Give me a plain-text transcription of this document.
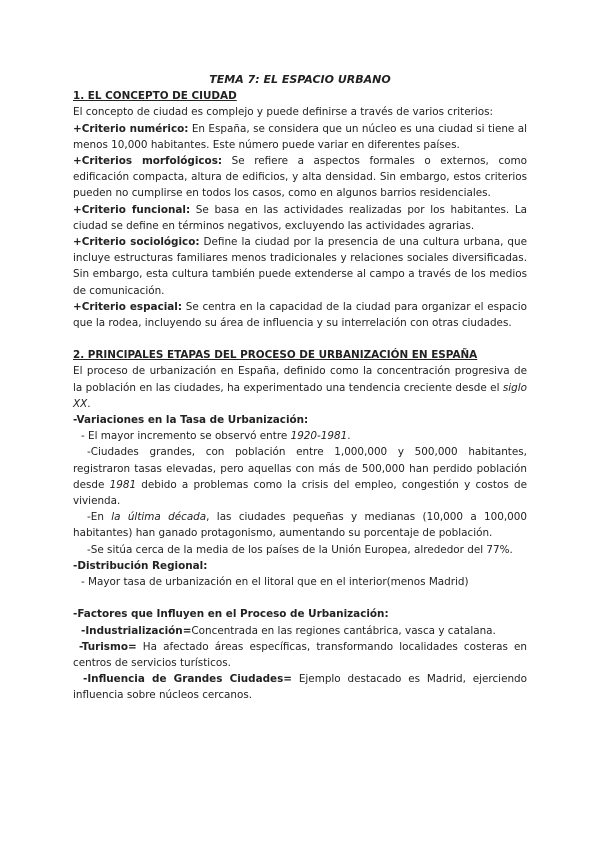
TEMA 7: EL ESPACIO URBANO
1. EL CONCEPTO DE CIUDAD
El concepto de ciudad es complejo y puede definirse a través de varios criterios:
+Criterio numérico: En España, se considera que un núcleo es una ciudad si tiene al menos 10,000 habitantes. Este número puede variar en diferentes países.
+Criterios morfológicos: Se refiere a aspectos formales o externos, como edificación compacta, altura de edificios, y alta densidad. Sin embargo, estos criterios pueden no cumplirse en todos los casos, como en algunos barrios residenciales.
+Criterio funcional: Se basa en las actividades realizadas por los habitantes. La ciudad se define en términos negativos, excluyendo las actividades agrarias.
+Criterio sociológico: Define la ciudad por la presencia de una cultura urbana, que incluye estructuras familiares menos tradicionales y relaciones sociales diversificadas. Sin embargo, esta cultura también puede extenderse al campo a través de los medios de comunicación.
+Criterio espacial: Se centra en la capacidad de la ciudad para organizar el espacio que la rodea, incluyendo su área de influencia y su interrelación con otras ciudades.
2. PRINCIPALES ETAPAS DEL PROCESO DE URBANIZACIÓN EN ESPAÑA
El proceso de urbanización en España, definido como la concentración progresiva de la población en las ciudades, ha experimentado una tendencia creciente desde el siglo XX.
-Variaciones en la Tasa de Urbanización:
- El mayor incremento se observó entre 1920-1981.
-Ciudades grandes, con población entre 1,000,000 y 500,000 habitantes, registraron tasas elevadas, pero aquellas con más de 500,000 han perdido población desde 1981 debido a problemas como la crisis del empleo, congestión y costos de vivienda.
-En la última década, las ciudades pequeñas y medianas (10,000 a 100,000 habitantes) han ganado protagonismo, aumentando su porcentaje de población.
-Se sitúa cerca de la media de los países de la Unión Europea, alrededor del 77%.
-Distribución Regional:
- Mayor tasa de urbanización en el litoral que en el interior(menos Madrid)
-Factores que Influyen en el Proceso de Urbanización:
-Industrialización=Concentrada en las regiones cantábrica, vasca y catalana.
-Turismo= Ha afectado áreas específicas, transformando localidades costeras en centros de servicios turísticos.
-Influencia de Grandes Ciudades= Ejemplo destacado es Madrid, ejerciendo influencia sobre núcleos cercanos.
